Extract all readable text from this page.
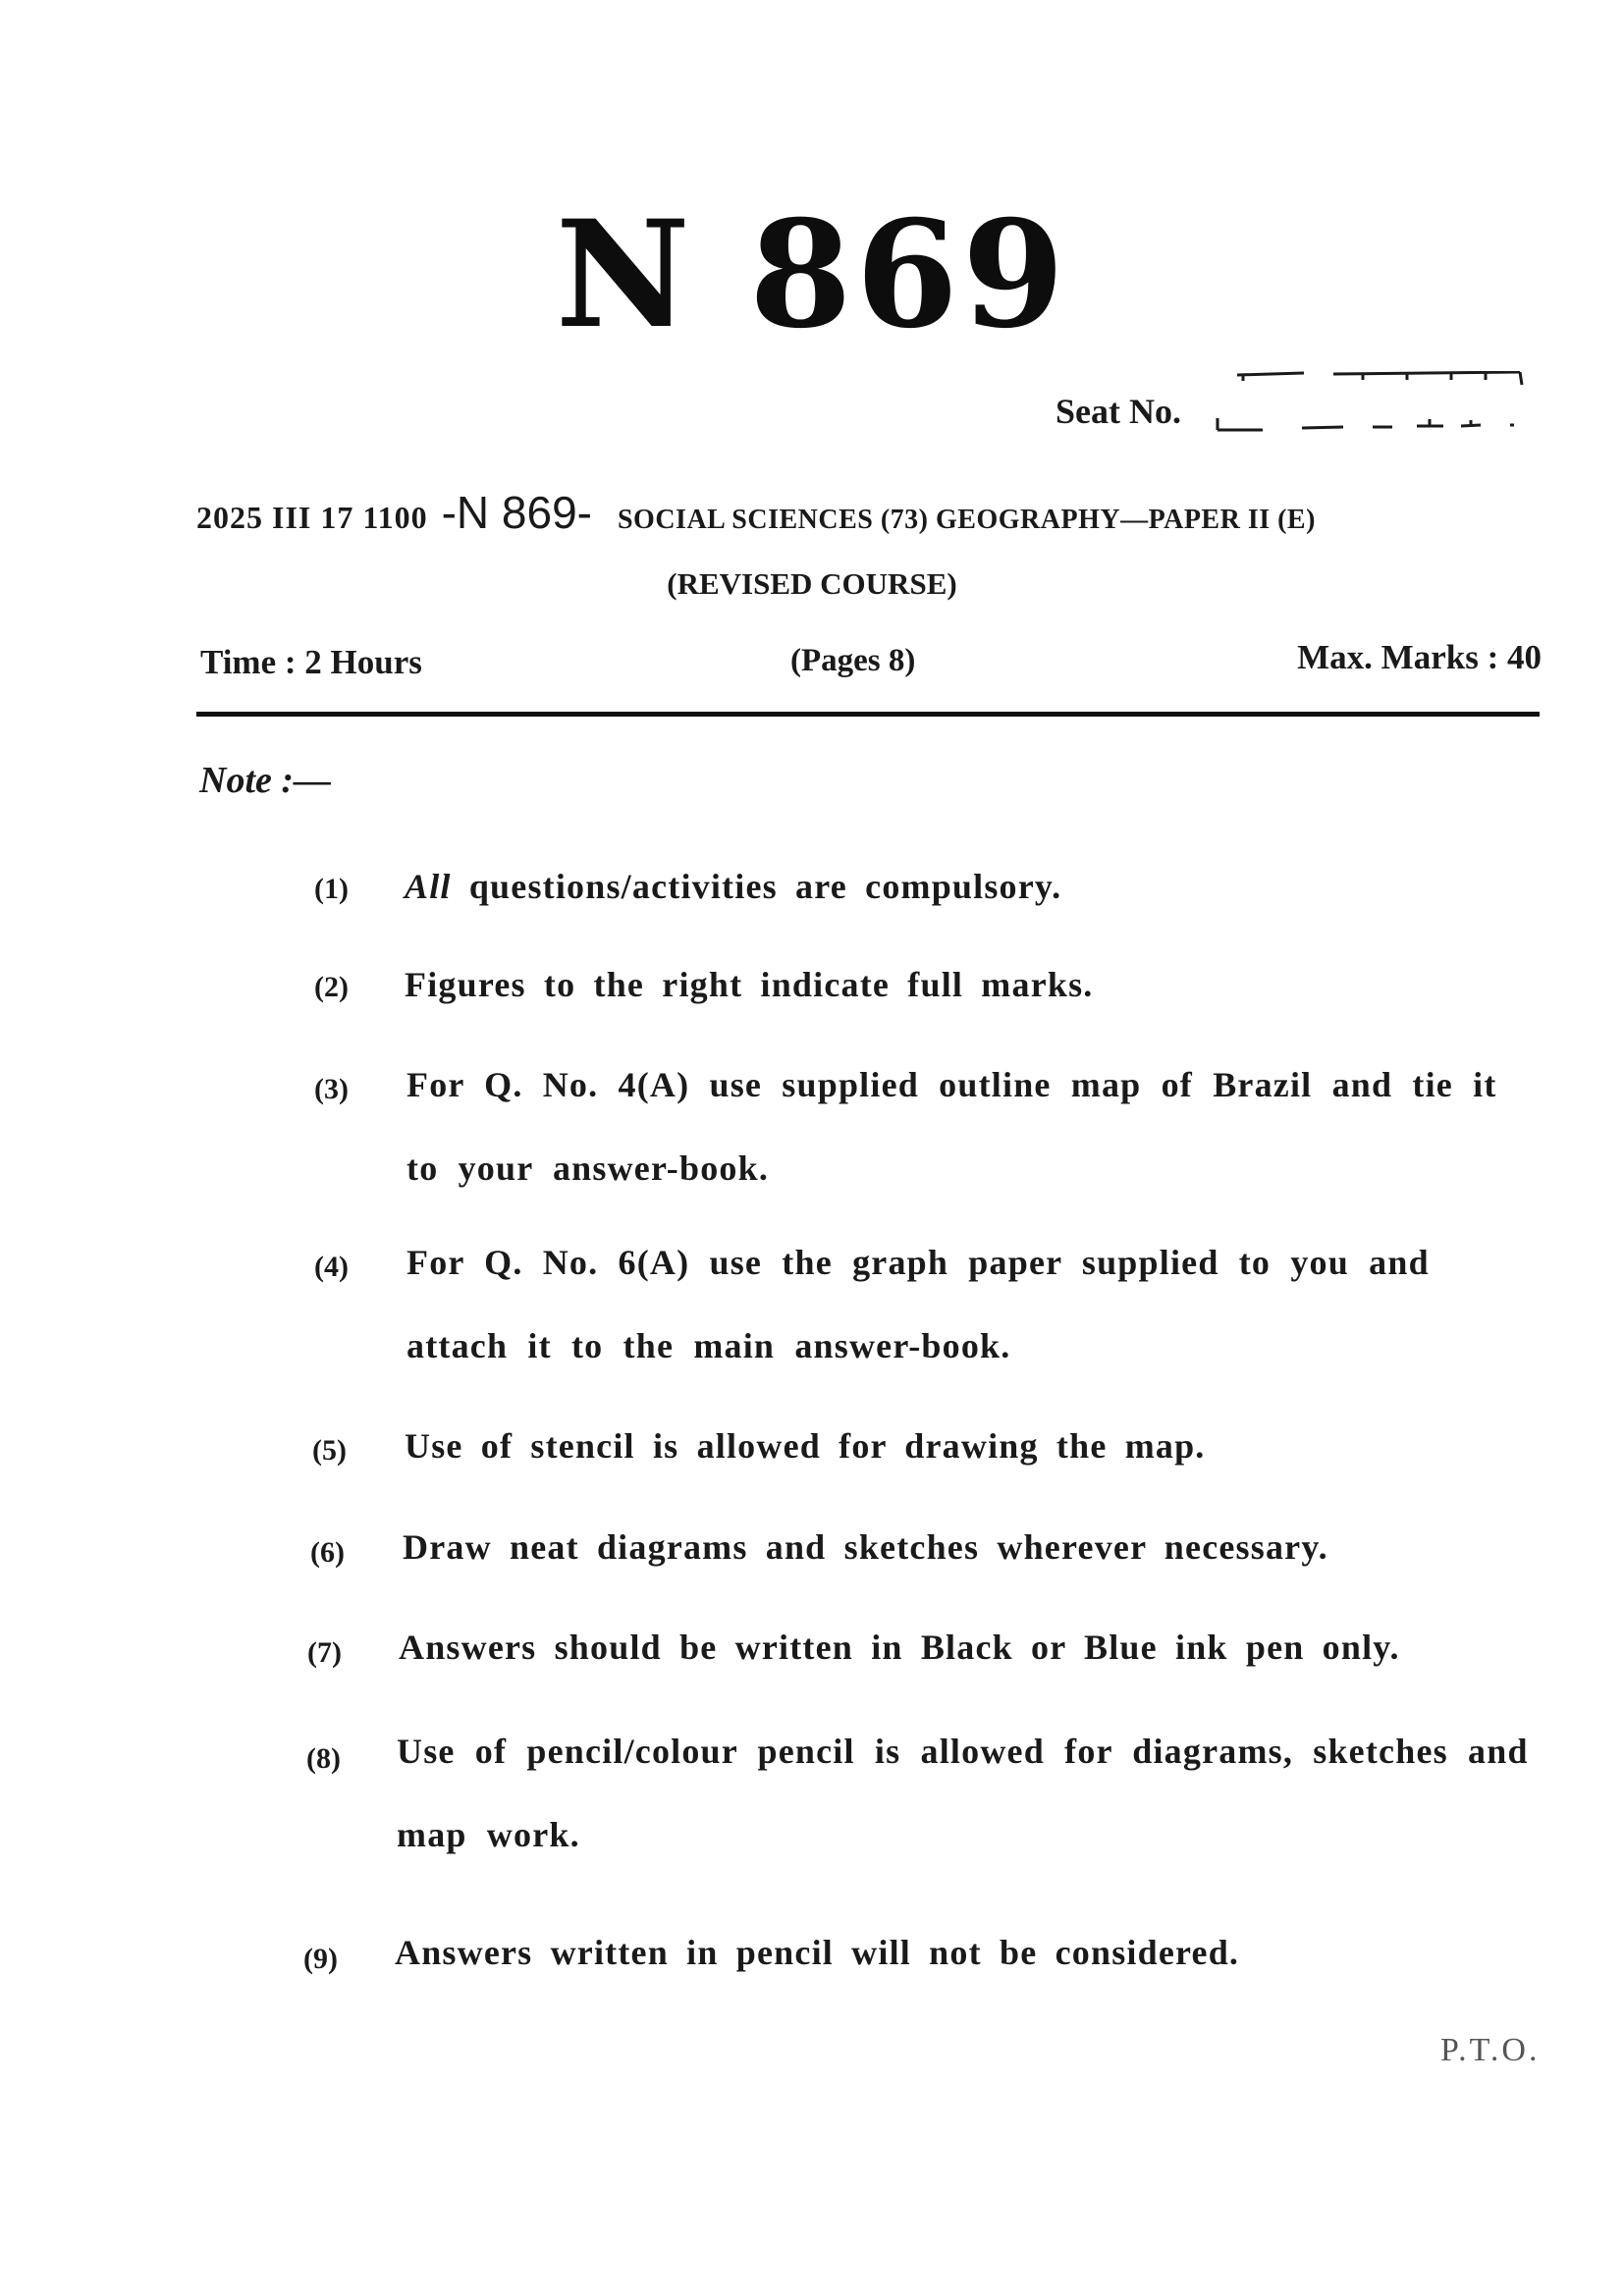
N 869
Seat No.
2025 III 17 1100 -N 869- SOCIAL SCIENCES (73) GEOGRAPHY—PAPER II (E)
(REVISED COURSE)
Time : 2 Hours	(Pages 8)	Max. Marks : 40
Note :—
(1) All questions/activities are compulsory.
(2) Figures to the right indicate full marks.
(3) For Q. No. 4(A) use supplied outline map of Brazil and tie it to your answer-book.
(4) For Q. No. 6(A) use the graph paper supplied to you and attach it to the main answer-book.
(5) Use of stencil is allowed for drawing the map.
(6) Draw neat diagrams and sketches wherever necessary.
(7) Answers should be written in Black or Blue ink pen only.
(8) Use of pencil/colour pencil is allowed for diagrams, sketches and map work.
(9) Answers written in pencil will not be considered.
P.T.O.
